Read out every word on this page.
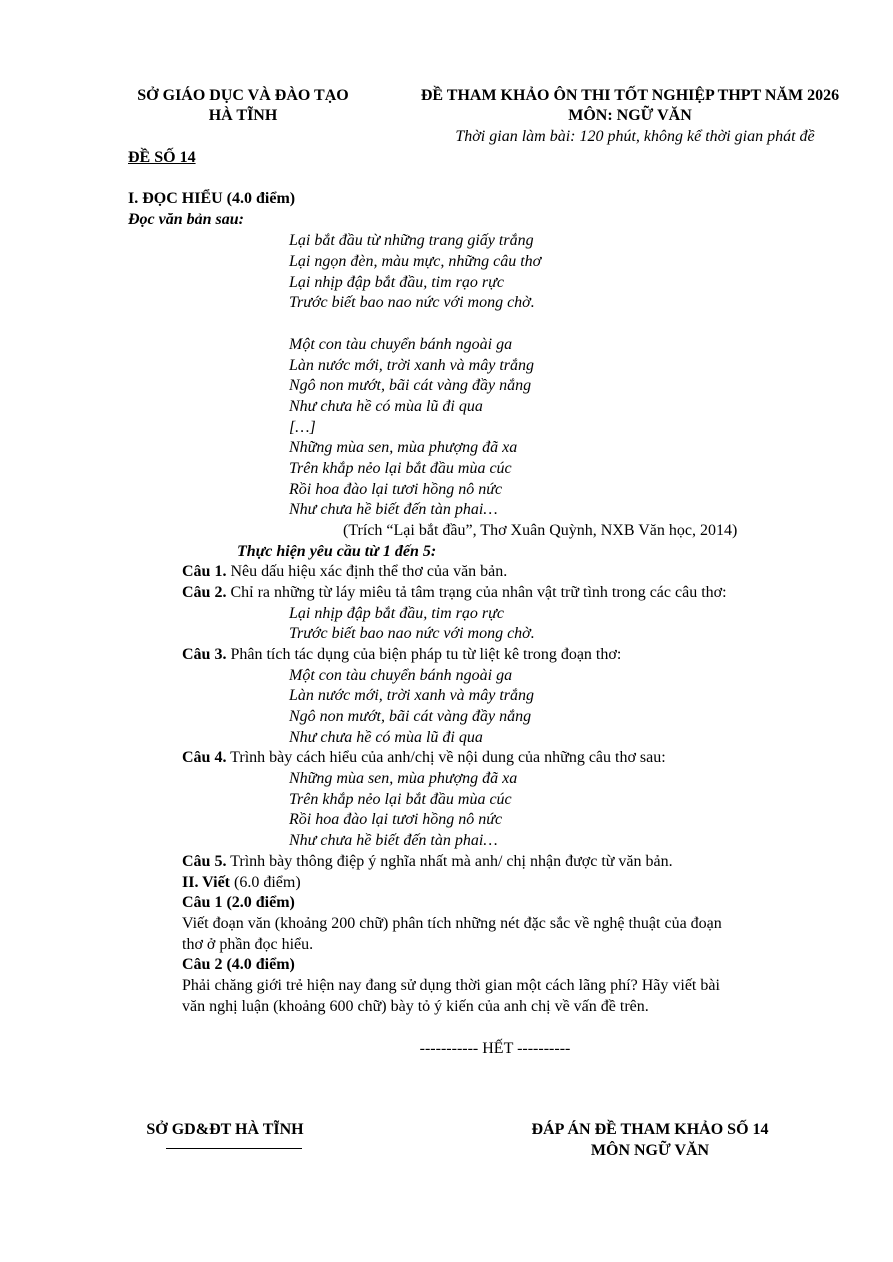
SỞ GIÁO DỤC VÀ ĐÀO TẠO
HÀ TĨNH
ĐỀ THAM KHẢO ÔN THI TỐT NGHIỆP THPT NĂM 2026
MÔN: NGỮ VĂN
Thời gian làm bài: 120 phút, không kể thời gian phát đề
ĐỀ SỐ 14
I. ĐỌC HIỂU (4.0 điểm)
Đọc văn bản sau:
Lại bắt đầu từ những trang giấy trắng
Lại ngọn đèn, màu mực, những câu thơ
Lại nhịp đập bắt đầu, tim rạo rực
Trước biết bao nao nức với mong chờ.
Một con tàu chuyển bánh ngoài ga
Làn nước mới, trời xanh và mây trắng
Ngô non mướt, bãi cát vàng đầy nắng
Như chưa hề có mùa lũ đi qua
[…]
Những mùa sen, mùa phượng đã xa
Trên khắp nẻo lại bắt đầu mùa cúc
Rồi hoa đào lại tươi hồng nô nức
Như chưa hề biết đến tàn phai…
(Trích “Lại bắt đầu”, Thơ Xuân Quỳnh, NXB Văn học, 2014)
Thực hiện yêu cầu từ 1 đến 5:
Câu 1. Nêu dấu hiệu xác định thể thơ của văn bản.
Câu 2. Chỉ ra những từ láy miêu tả tâm trạng của nhân vật trữ tình trong các câu thơ:
Lại nhịp đập bắt đầu, tim rạo rực
Trước biết bao nao nức với mong chờ.
Câu 3. Phân tích tác dụng của biện pháp tu từ liệt kê trong đoạn thơ:
Một con tàu chuyển bánh ngoài ga
Làn nước mới, trời xanh và mây trắng
Ngô non mướt, bãi cát vàng đầy nắng
Như chưa hề có mùa lũ đi qua
Câu 4. Trình bày cách hiểu của anh/chị về nội dung của những câu thơ sau:
Những mùa sen, mùa phượng đã xa
Trên khắp nẻo lại bắt đầu mùa cúc
Rồi hoa đào lại tươi hồng nô nức
Như chưa hề biết đến tàn phai…
Câu 5. Trình bày thông điệp ý nghĩa nhất mà anh/ chị nhận được từ văn bản.
II. Viết (6.0 điểm)
Câu 1 (2.0 điểm)
Viết đoạn văn (khoảng 200 chữ) phân tích những nét đặc sắc về nghệ thuật của đoạn
thơ ở phần đọc hiểu.
Câu 2 (4.0 điểm)
Phải chăng giới trẻ hiện nay đang sử dụng thời gian một cách lãng phí? Hãy viết bài
văn nghị luận (khoảng 600 chữ) bày tỏ ý kiến của anh chị về vấn đề trên.
----------- HẾT ----------
SỞ GD&ĐT HÀ TĨNH	ĐÁP ÁN ĐỀ THAM KHẢO SỐ 14
MÔN NGỮ VĂN
